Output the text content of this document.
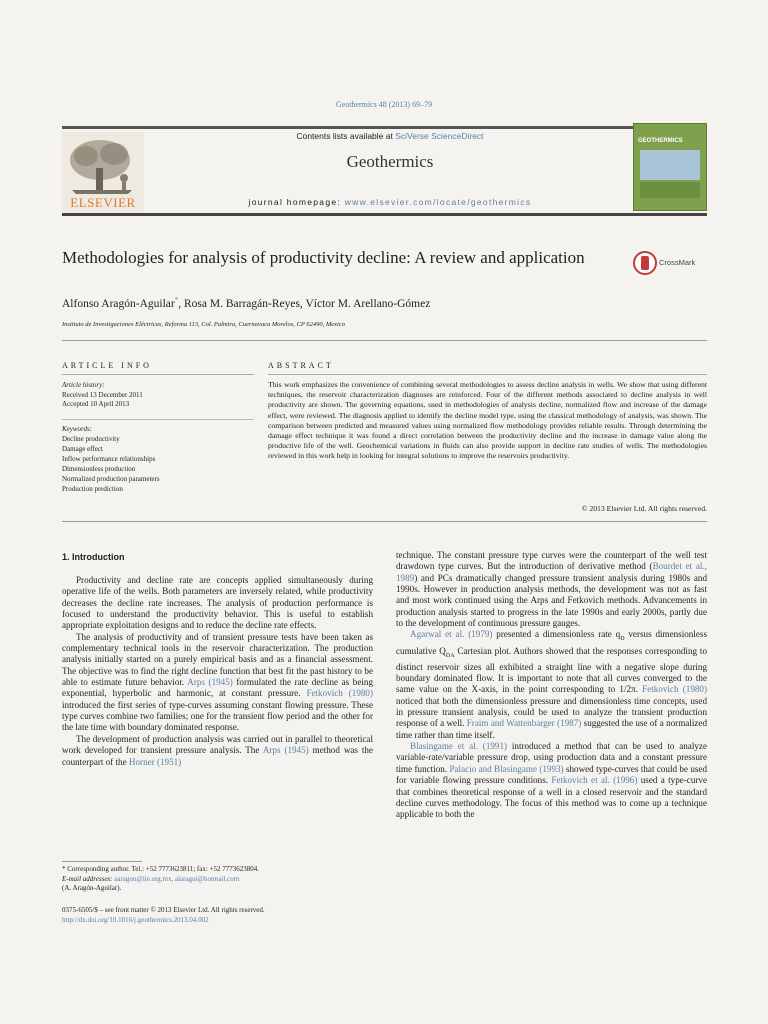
Geothermics 48 (2013) 69–79
ELSEVIER
Contents lists available at SciVerse ScienceDirect
Geothermics
journal homepage: www.elsevier.com/locate/geothermics
GEOTHERMICS
Methodologies for analysis of productivity decline: A review and application	CrossMark
Alfonso Aragón-Aguilar*, Rosa M. Barragán-Reyes, Víctor M. Arellano-Gómez
Instituto de Investigaciones Eléctricas, Reforma 113, Col. Palmira, Cuernavaca Morelos, CP 62490, Mexico
ARTICLE INFO	ABSTRACT
Article history:
Received 13 December 2011
Accepted 10 April 2013
Keywords:
Decline productivity
Damage effect
Inflow performance relationships
Dimensionless production
Normalized production parameters
Production prediction
This work emphasizes the convenience of combining several methodologies to assess decline analysis in wells. We show that using different techniques, the reservoir characterization diagnoses are reinforced. Four of the different methods associated to decline analysis in well productivity are shown. The governing equations, used in methodologies of analysis decline, normalized flow and increase of the damage effect, were reviewed. The diagnosis applied to identify the decline model type, using the classical methodology of analysis, was shown. The comparison between predicted and measured values using normalized flow methodology provides reliable results. Through determining the damage effect technique it was found a direct correlation between the productivity decline and the increase in damage value along the productive life of the well. Geochemical variations in fluids can also provide support in decline rate studies of wells. The methodologies reviewed in this work help in looking for integral solutions to improve the reservoirs productivity.
© 2013 Elsevier Ltd. All rights reserved.
1. Introduction

Productivity and decline rate are concepts applied simultaneously during operative life of the wells. Both parameters are inversely related, while productivity decreases the decline rate increases. The analysis of production performance is focused to understand the productivity behavior. This is useful to establish appropriate exploitation designs and to reduce the decline rate effects.

The analysis of productivity and of transient pressure tests have been taken as complementary technical tools in the reservoir characterization. The production analysis initially started on a purely empirical basis and as a financial assessment. The objective was to find the right decline function that best fit the past history to be able to estimate future behavior. Arps (1945) formulated the rate decline as being exponential, hyperbolic and harmonic, at constant pressure. Fetkovich (1980) introduced the first series of type-curves assuming constant flowing pressure. These type curves combine two families; one for the transient flow period and the other for the late time with boundary dominated response.

The development of production analysis was carried out in parallel to theoretical work developed for transient pressure analysis. The Arps (1945) method was the counterpart of the Horner (1951)

technique. The constant pressure type curves were the counterpart of the well test drawdown type curves. But the introduction of derivative method (Bourdet et al., 1989) and PCs dramatically changed pressure transient analysis during 1980s and 1990s. However in production analysis methods, the development was not as fast and most work continued using the Arps and Fetkovich methods. Advancements in production analysis started to progress in the late 1990s and early 2000s, partly due to the development of continuous pressure gauges.

Agarwal et al. (1979) presented a dimensionless rate $q_D$ versus dimensionless cumulative $Q_{DA}$ Cartesian plot. Authors showed that the responses corresponding to distinct reservoir sizes all exhibited a straight line with a negative slope during boundary dominated flow. It is important to note that all curves converged to the same value on the X-axis, in the point corresponding to 1/2π. Fetkovich (1980) noticed that both the dimensionless pressure and dimensionless time concepts, used in pressure transient analysis, could be used to analyze the transient production response of a well. Fraim and Wattenbarger (1987) suggested the use of a normalized time rather than time itself.

Blasingame et al. (1991) introduced a method that can be used to analyze variable-rate/variable pressure drop, using production data and a constant pressure time function. Palacio and Blasingame (1993) showed type-curves that could be used for variable flowing pressure conditions. Fetkovich et al. (1996) used a type-curve that combines theoretical response of a well in a closed reservoir and the standard decline curves methodology. The focus of this method was to come up a technique applicable to both the

* Corresponding author. Tel.: +52 7773623811; fax: +52 7773623804.
E-mail addresses: aaragon@iie.org.mx, alaragui@hotmail.com
(A. Aragón-Aguilar).
0375-6505/$ – see front matter © 2013 Elsevier Ltd. All rights reserved.
http://dx.doi.org/10.1016/j.geothermics.2013.04.002
